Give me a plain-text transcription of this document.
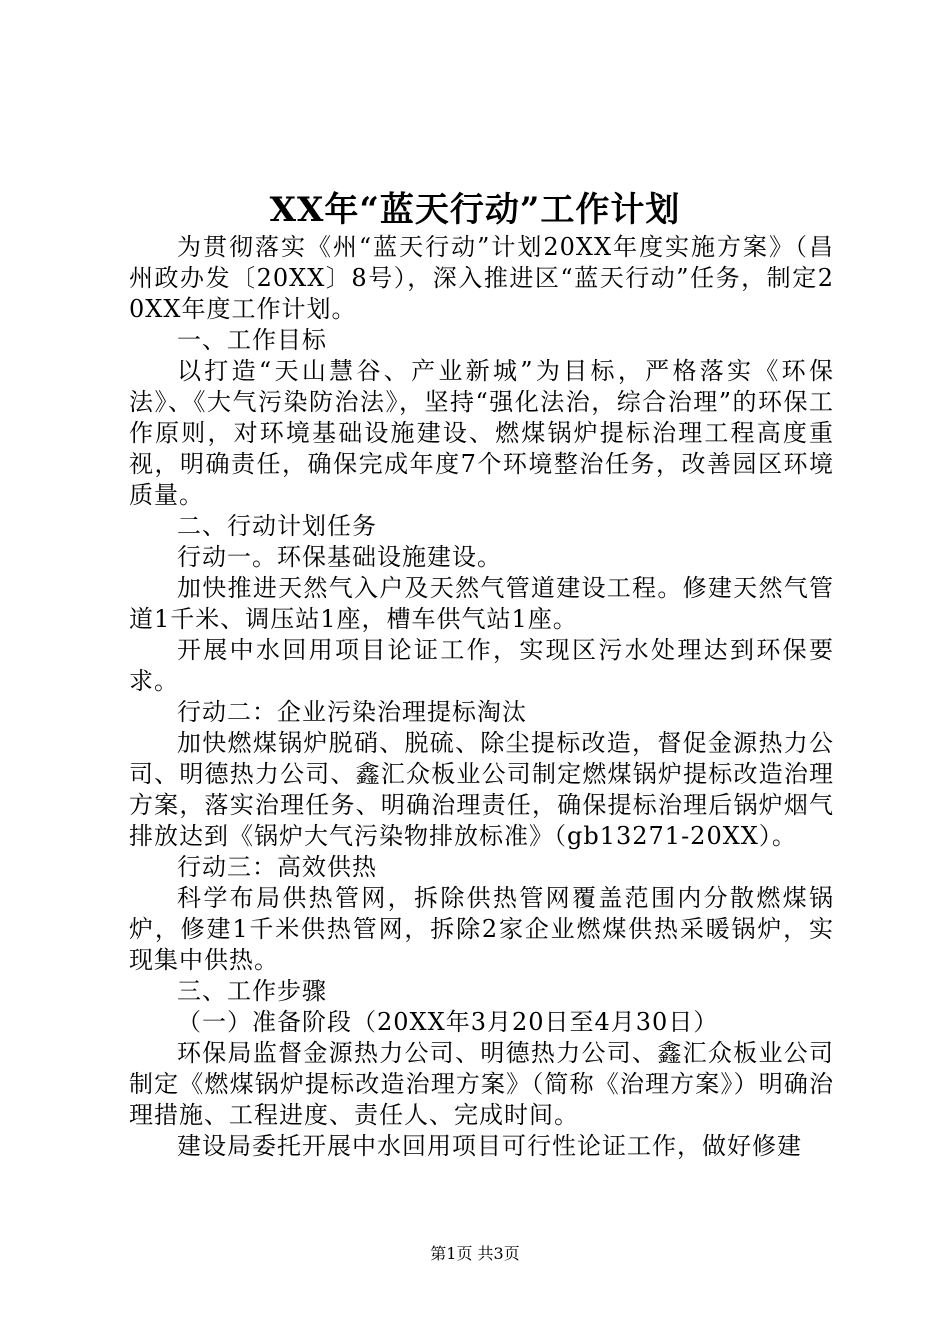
XX年“蓝天行动”工作计划

为贯彻落实《州“蓝天行动”计划20XX年度实施方案》（昌州政办发〔20XX〕8号），深入推进区“蓝天行动”任务，制定20XX年度工作计划。

一、工作目标

以打造“天山慧谷、产业新城”为目标，严格落实《环保法》、《大气污染防治法》，坚持“强化法治，综合治理”的环保工作原则，对环境基础设施建设、燃煤锅炉提标治理工程高度重视，明确责任，确保完成年度7个环境整治任务，改善园区环境质量。

二、行动计划任务

行动一。环保基础设施建设。

加快推进天然气入户及天然气管道建设工程。修建天然气管道1千米、调压站1座，槽车供气站1座。

开展中水回用项目论证工作，实现区污水处理达到环保要求。

行动二：企业污染治理提标淘汰

加快燃煤锅炉脱硝、脱硫、除尘提标改造，督促金源热力公司、明德热力公司、鑫汇众板业公司制定燃煤锅炉提标改造治理方案，落实治理任务、明确治理责任，确保提标治理后锅炉烟气排放达到《锅炉大气污染物排放标准》（gb13271-20XX）。

行动三：高效供热

科学布局供热管网，拆除供热管网覆盖范围内分散燃煤锅炉，修建1千米供热管网，拆除2家企业燃煤供热采暖锅炉，实现集中供热。

三、工作步骤

（一）准备阶段（20XX年3月20日至4月30日）

环保局监督金源热力公司、明德热力公司、鑫汇众板业公司制定《燃煤锅炉提标改造治理方案》（简称《治理方案》）明确治理措施、工程进度、责任人、完成时间。

建设局委托开展中水回用项目可行性论证工作，做好修建

第1页 共3页
